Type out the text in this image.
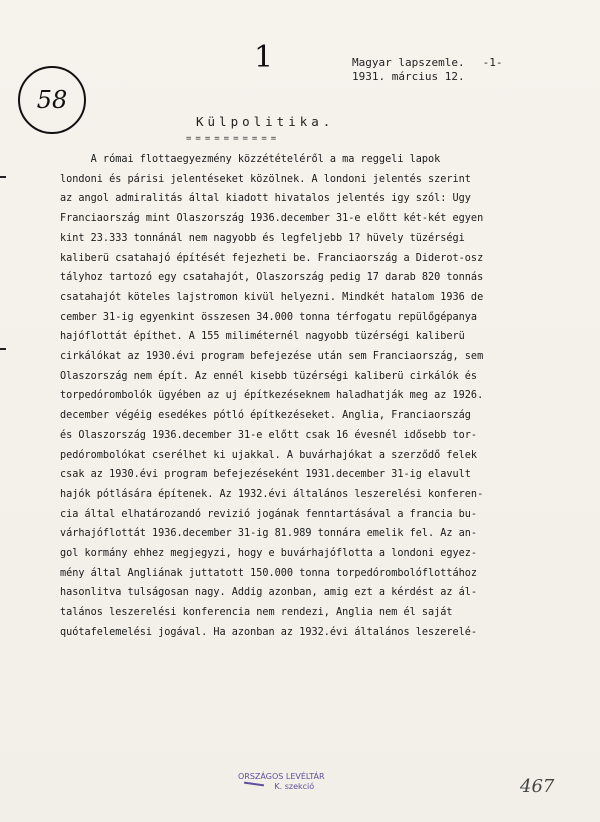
58
1	Magyar lapszemle. -1-
1931. március 12.
Külpolitika.
==========
A római flottaegyezmény közzétételéről a ma reggeli lapok
londoni és párisi jelentéseket közölnek. A londoni jelentés szerint
az angol admiralitás által kiadott hivatalos jelentés igy szól: Ugy
Franciaország mint Olaszország 1936.december 31-e előtt két-két egyen
kint 23.333 tonnánál nem nagyobb és legfeljebb 1? hüvely tüzérségi
kaliberü csatahajó építését fejezheti be. Franciaország a Diderot-osz
tályhoz tartozó egy csatahajót, Olaszország pedig 17 darab 820 tonnás
csatahajót köteles lajstromon kivül helyezni. Mindkét hatalom 1936 de
cember 31-ig egyenkint összesen 34.000 tonna térfogatu repülőgépanya
hajóflottát építhet. A 155 miliméternél nagyobb tüzérségi kaliberü
cirkálókat az 1930.évi program befejezése után sem Franciaország, sem
Olaszország nem épít. Az ennél kisebb tüzérségi kaliberü cirkálók és
torpedórombolók ügyében az uj építkezéseknem haladhatják meg az 1926.
december végéig esedékes pótló építkezéseket. Anglia, Franciaország
és Olaszország 1936.december 31-e előtt csak 16 évesnél idősebb tor-
pedórombolókat cserélhet ki ujakkal. A buvárhajókat a szerződő felek
csak az 1930.évi program befejezéseként 1931.december 31-ig elavult
hajók pótlására építenek. Az 1932.évi általános leszerelési konferen-
cia által elhatározandó revizió jogának fenntartásával a francia bu-
várhajóflottát 1936.december 31-ig 81.989 tonnára emelik fel. Az an-
gol kormány ehhez megjegyzi, hogy e buvárhajóflotta a londoni egyez-
mény által Angliának juttatott 150.000 tonna torpedórombolóflottához
hasonlitva tulságosan nagy. Addig azonban, amig ezt a kérdést az ál-
talános leszerelési konferencia nem rendezi, Anglia nem él saját
quótafelemelési jogával. Ha azonban az 1932.évi általános leszerelé-
ORSZÁGOS LEVÉLTÁR
K. szekció	467
